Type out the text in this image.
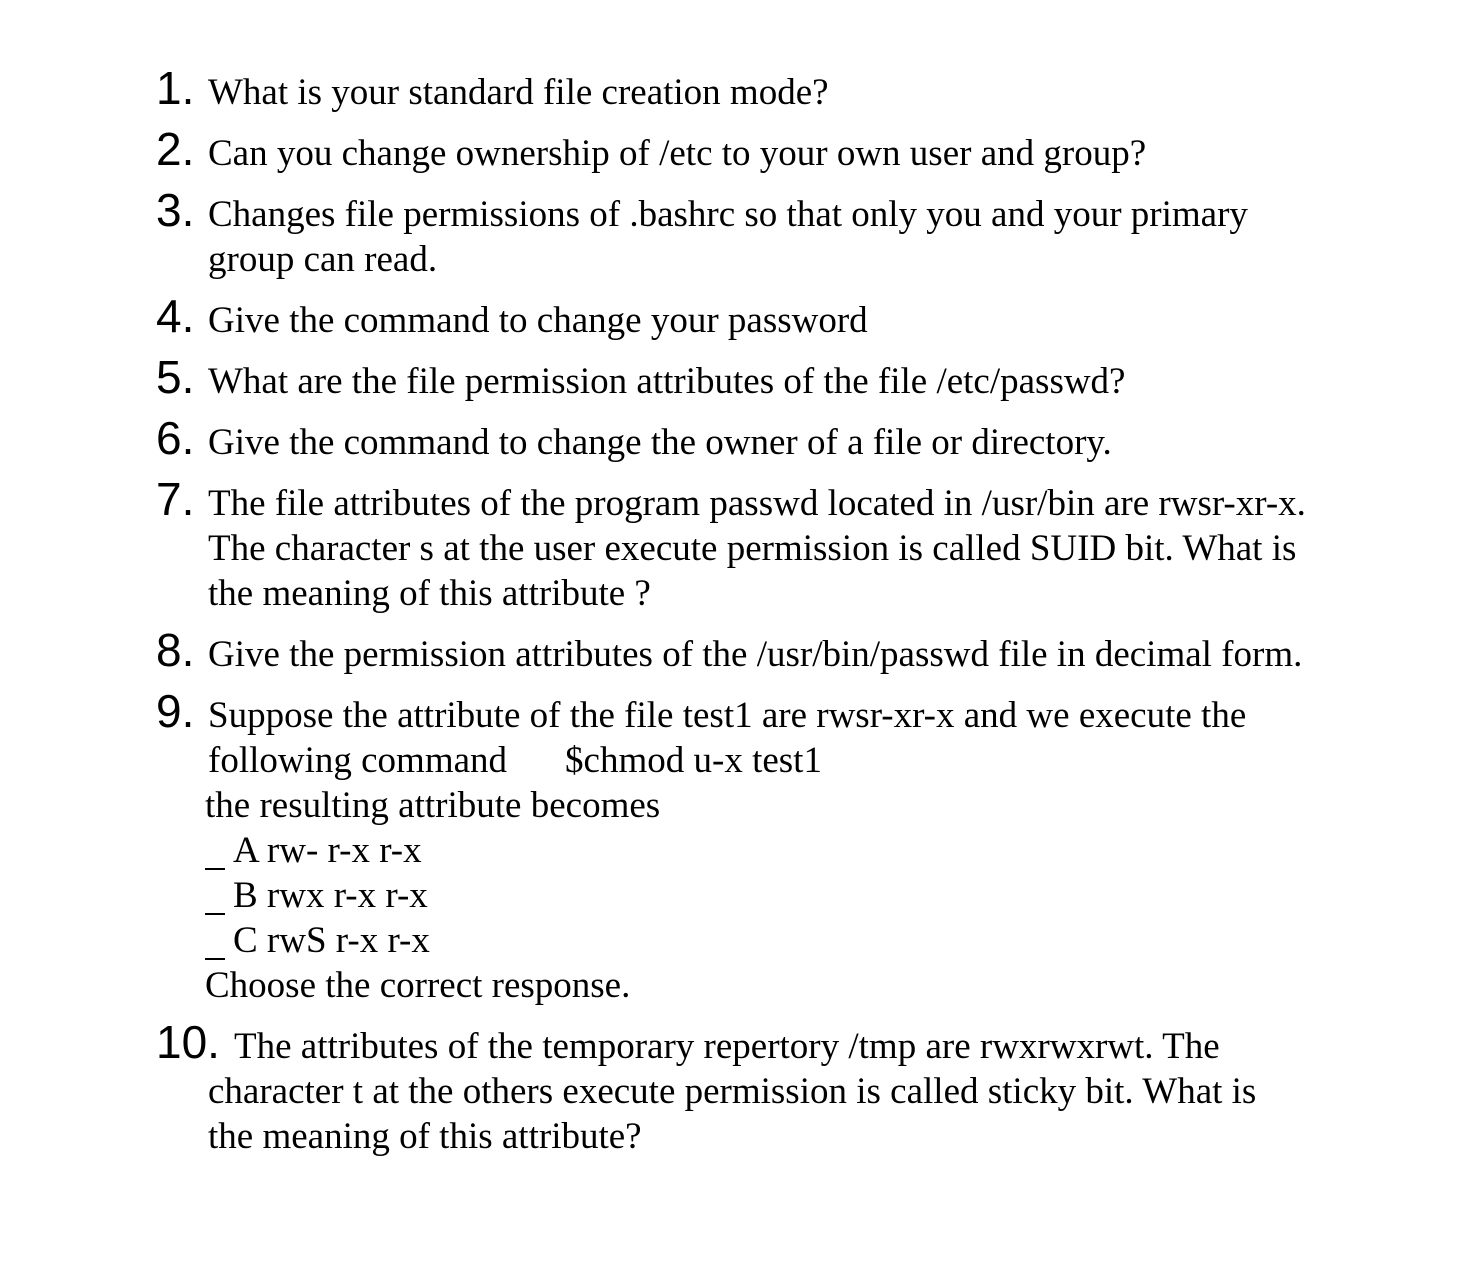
1. What is your standard file creation mode?
2. Can you change ownership of /etc to your own user and group?
3. Changes file permissions of .bashrc so that only you and your primary
group can read.
4. Give the command to change your password
5. What are the file permission attributes of the file /etc/passwd?
6. Give the command to change the owner of a file or directory.
7. The file attributes of the program passwd located in /usr/bin are rwsr-xr-x.
The character s at the user execute permission is called SUID bit. What is
the meaning of this attribute ?
8. Give the permission attributes of the /usr/bin/passwd file in decimal form.
9. Suppose the attribute of the file test1 are rwsr-xr-x and we execute the
following command $chmod u-x test1
the resulting attribute becomes
A rw- r-x r-x
B rwx r-x r-x
C rwS r-x r-x
Choose the correct response.
10. The attributes of the temporary repertory /tmp are rwxrwxrwt. The
character t at the others execute permission is called sticky bit. What is
the meaning of this attribute?
